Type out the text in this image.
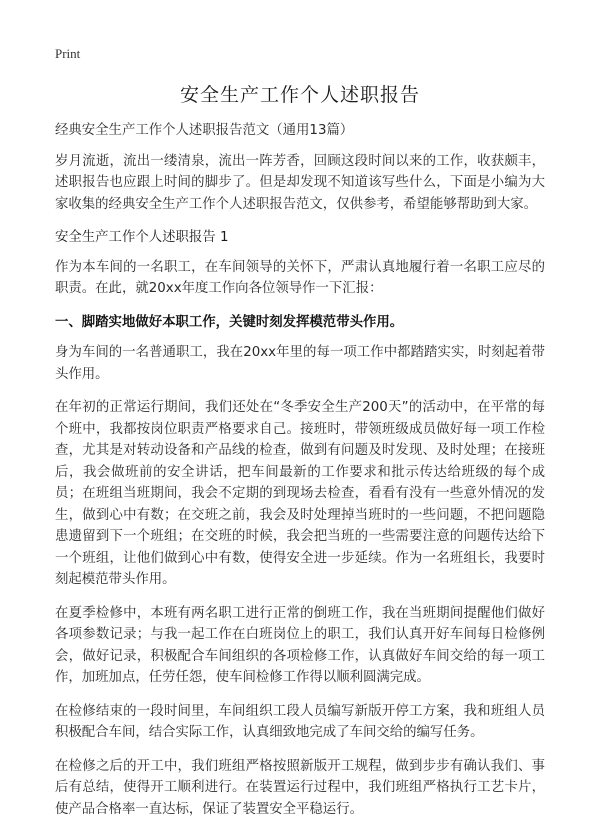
Print
安全生产工作个人述职报告

经典安全生产工作个人述职报告范文（通用13篇）

岁月流逝，流出一缕清泉，流出一阵芳香，回顾这段时间以来的工作，收获颇丰，述职报告也应跟上时间的脚步了。但是却发现不知道该写些什么，下面是小编为大家收集的经典安全生产工作个人述职报告范文，仅供参考，希望能够帮助到大家。

安全生产工作个人述职报告 1

作为本车间的一名职工，在车间领导的关怀下，严肃认真地履行着一名职工应尽的职责。在此，就20xx年度工作向各位领导作一下汇报：

一、脚踏实地做好本职工作，关键时刻发挥模范带头作用。

身为车间的一名普通职工，我在20xx年里的每一项工作中都踏踏实实，时刻起着带头作用。

在年初的正常运行期间，我们还处在“冬季安全生产200天”的活动中，在平常的每个班中，我都按岗位职责严格要求自己。接班时，带领班级成员做好每一项工作检查，尤其是对转动设备和产品线的检查，做到有问题及时发现、及时处理；在接班后，我会做班前的安全讲话，把车间最新的工作要求和批示传达给班级的每个成员；在班组当班期间，我会不定期的到现场去检查，看看有没有一些意外情况的发生，做到心中有数；在交班之前，我会及时处理掉当班时的一些问题，不把问题隐患遗留到下一个班组；在交班的时候，我会把当班的一些需要注意的问题传达给下一个班组，让他们做到心中有数，使得安全进一步延续。作为一名班组长，我要时刻起模范带头作用。

在夏季检修中，本班有两名职工进行正常的倒班工作，我在当班期间提醒他们做好各项参数记录；与我一起工作在白班岗位上的职工，我们认真开好车间每日检修例会，做好记录，积极配合车间组织的各项检修工作，认真做好车间交给的每一项工作，加班加点，任劳任怨，使车间检修工作得以顺利圆满完成。

在检修结束的一段时间里，车间组织工段人员编写新版开停工方案，我和班组人员积极配合车间，结合实际工作，认真细致地完成了车间交给的编写任务。

在检修之后的开工中，我们班组严格按照新版开工规程，做到步步有确认我们、事后有总结，使得开工顺利进行。在装置运行过程中，我们班组严格执行工艺卡片，使产品合格率一直达标，保证了装置安全平稳运行。
